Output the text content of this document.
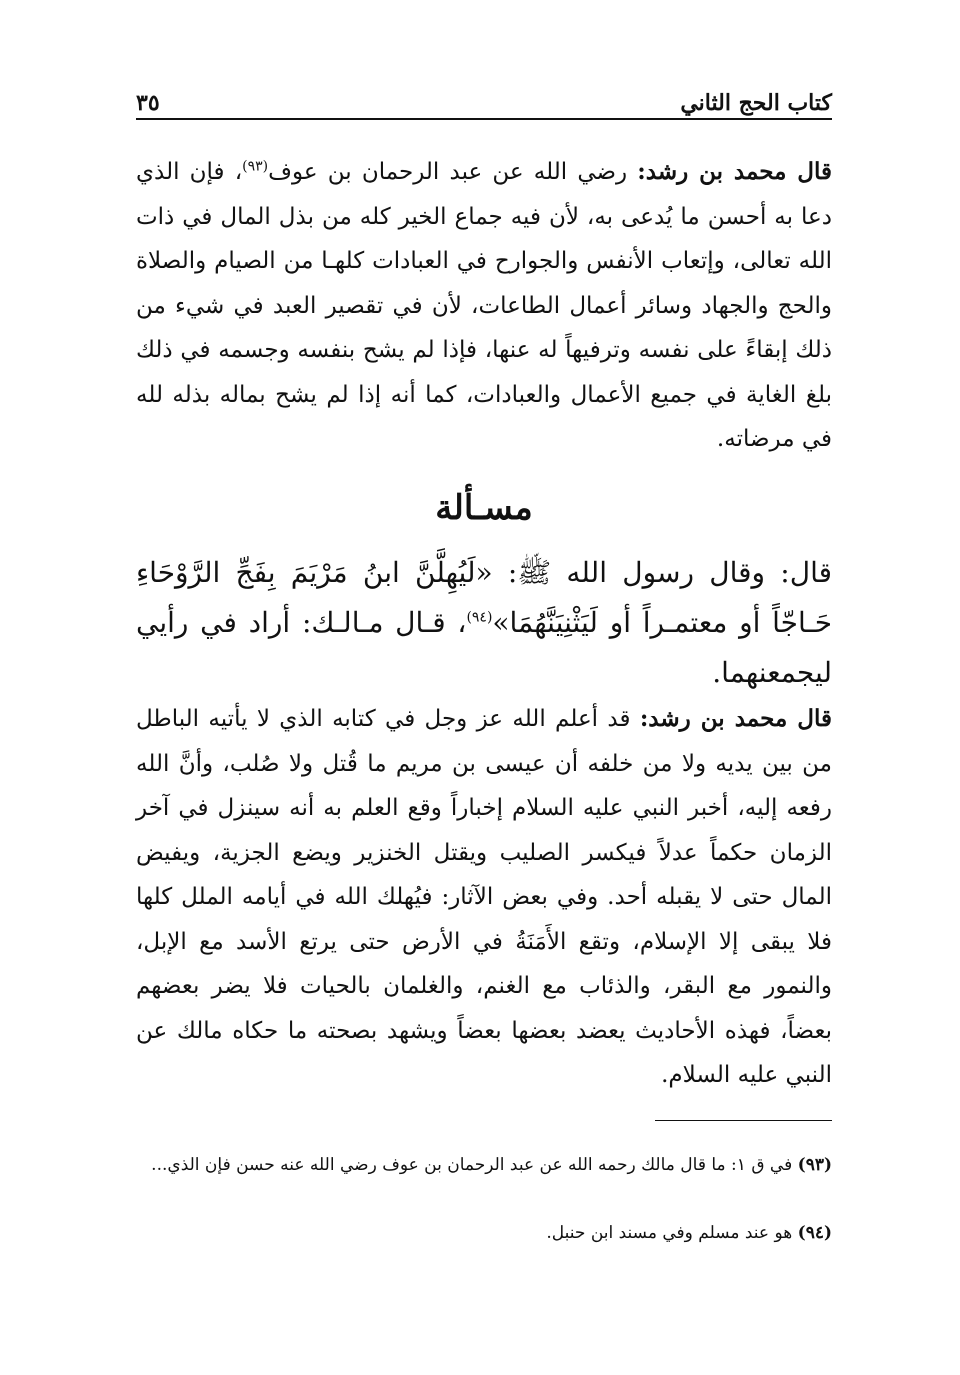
كتاب الحج الثاني
٣٥

قال محمد بن رشد: رضي الله عن عبد الرحمان بن عوف$^{(٩٣)}$، فإن الذي دعا به أحسن ما يُدعى به، لأن فيه جماع الخير كله من بذل المال في ذات الله تعالى، وإتعاب الأنفس والجوارح في العبادات كلهـا من الصيام والصلاة والحج والجهاد وسائر أعمال الطاعات، لأن في تقصير العبد في شيء من ذلك إبقاءً على نفسه وترفيهاً له عنها، فإذا لم يشح بنفسه وجسمه في ذلك بلغ الغاية في جميع الأعمال والعبادات، كما أنه إذا لم يشح بماله بذله لله في مرضاته.

مسـألة

قال: وقال رسول الله ﷺ: «لَيُهِلَّنَّ ابنُ مَرْيَمَ بِفَجِّ الرَّوْحَاءِ حَـاجّاً أو معتمـراً أو لَيَثْنِيَنَّهُمَا»$^{(٩٤)}$، قـال مـالـك: أراد في رأيي ليجمعنهما.

قال محمد بن رشد: قد أعلم الله عز وجل في كتابه الذي لا يأتيه الباطل من بين يديه ولا من خلفه أن عيسى بن مريم ما قُتل ولا صُلب، وأنَّ الله رفعه إليه، أخبر النبي عليه السلام إخباراً وقع العلم به أنه سينزل في آخر الزمان حكماً عدلاً فيكسر الصليب ويقتل الخنزير ويضع الجزية، ويفيض المال حتى لا يقبله أحد. وفي بعض الآثار: فيُهلك الله في أيامه الملل كلها فلا يبقى إلا الإسلام، وتقع الأَمَنَةُ في الأرض حتى يرتع الأسد مع الإبل، والنمور مع البقر، والذئاب مع الغنم، والغلمان بالحيات فلا يضر بعضهم بعضاً، فهذه الأحاديث يعضد بعضها بعضاً ويشهد بصحته ما حكاه مالك عن النبي عليه السلام.

(٩٣) في ق ١: ما قال مالك رحمه الله عن عبد الرحمان بن عوف رضي الله عنه حسن فإن الذي...

(٩٤) هو عند مسلم وفي مسند ابن حنبل.
